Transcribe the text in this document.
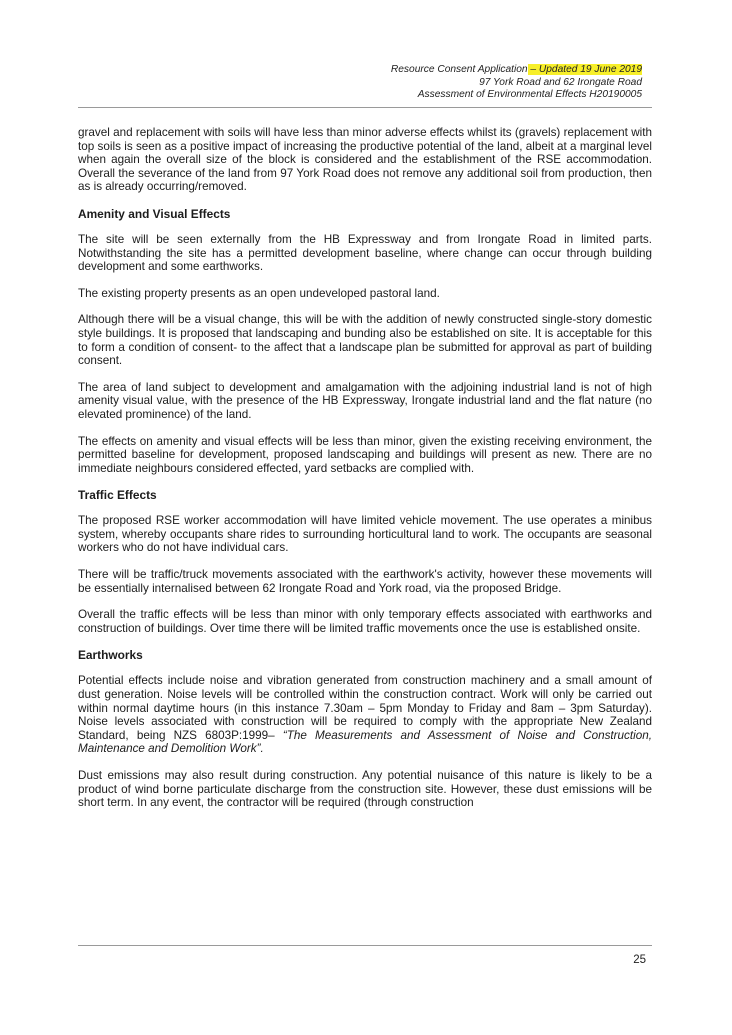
Resource Consent Application – Updated 19 June 2019
97 York Road and 62 Irongate Road
Assessment of Environmental Effects H20190005

gravel and replacement with soils will have less than minor adverse effects whilst its (gravels) replacement with top soils is seen as a positive impact of increasing the productive potential of the land, albeit at a marginal level when again the overall size of the block is considered and the establishment of the RSE accommodation. Overall the severance of the land from 97 York Road does not remove any additional soil from production, then as is already occurring/removed.

Amenity and Visual Effects

The site will be seen externally from the HB Expressway and from Irongate Road in limited parts. Notwithstanding the site has a permitted development baseline, where change can occur through building development and some earthworks.

The existing property presents as an open undeveloped pastoral land.

Although there will be a visual change, this will be with the addition of newly constructed single-story domestic style buildings. It is proposed that landscaping and bunding also be established on site. It is acceptable for this to form a condition of consent- to the affect that a landscape plan be submitted for approval as part of building consent.

The area of land subject to development and amalgamation with the adjoining industrial land is not of high amenity visual value, with the presence of the HB Expressway, Irongate industrial land and the flat nature (no elevated prominence) of the land.

The effects on amenity and visual effects will be less than minor, given the existing receiving environment, the permitted baseline for development, proposed landscaping and buildings will present as new. There are no immediate neighbours considered effected, yard setbacks are complied with.

Traffic Effects

The proposed RSE worker accommodation will have limited vehicle movement. The use operates a minibus system, whereby occupants share rides to surrounding horticultural land to work. The occupants are seasonal workers who do not have individual cars.

There will be traffic/truck movements associated with the earthwork's activity, however these movements will be essentially internalised between 62 Irongate Road and York road, via the proposed Bridge.

Overall the traffic effects will be less than minor with only temporary effects associated with earthworks and construction of buildings. Over time there will be limited traffic movements once the use is established onsite.

Earthworks

Potential effects include noise and vibration generated from construction machinery and a small amount of dust generation. Noise levels will be controlled within the construction contract. Work will only be carried out within normal daytime hours (in this instance 7.30am – 5pm Monday to Friday and 8am – 3pm Saturday). Noise levels associated with construction will be required to comply with the appropriate New Zealand Standard, being NZS 6803P:1999– “The Measurements and Assessment of Noise and Construction, Maintenance and Demolition Work”.

Dust emissions may also result during construction. Any potential nuisance of this nature is likely to be a product of wind borne particulate discharge from the construction site. However, these dust emissions will be short term. In any event, the contractor will be required (through construction

25
